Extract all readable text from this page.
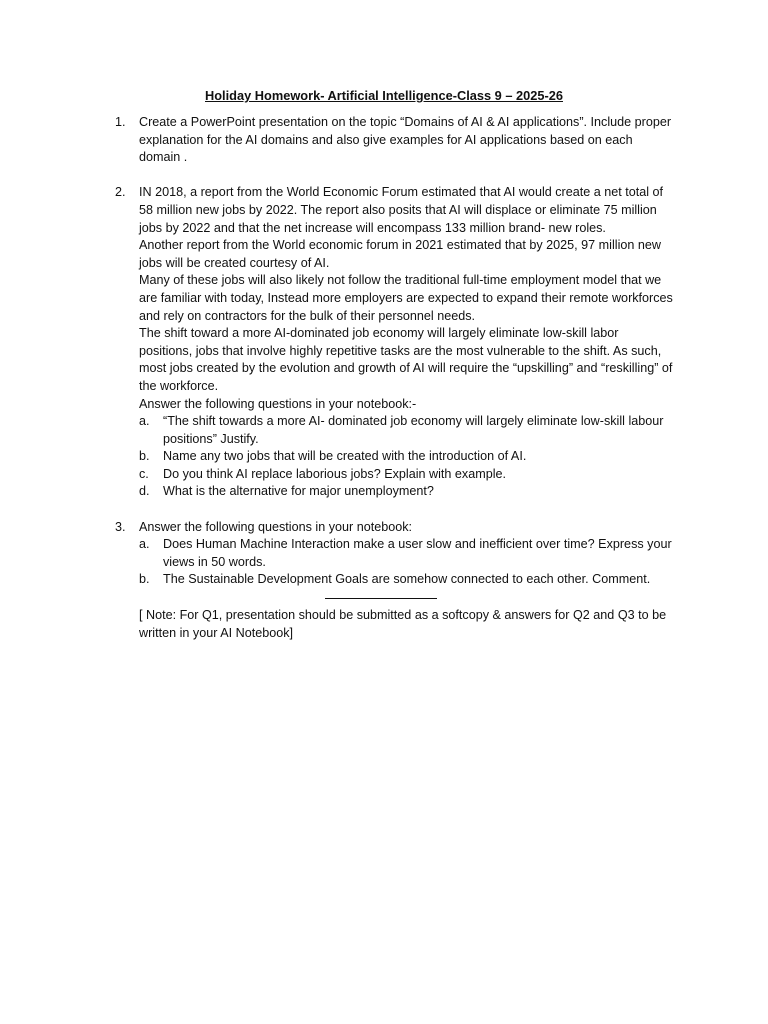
Holiday Homework- Artificial Intelligence-Class 9 – 2025-26
1.	Create a PowerPoint presentation on the topic “Domains of AI & AI applications”. Include proper explanation for the AI domains and also give examples for AI applications based on each domain .

2.	IN 2018, a report from the World Economic Forum estimated that AI would create a net total of 58 million new jobs by 2022. The report also posits that AI will displace or eliminate 75 million jobs by 2022 and that the net increase will encompass 133 million brand- new roles.

Another report from the World economic forum in 2021 estimated that by 2025, 97 million new jobs will be created courtesy of AI.

Many of these jobs will also likely not follow the traditional full-time employment model that we are familiar with today, Instead more employers are expected to expand their remote workforces and rely on contractors for the bulk of their personnel needs.

The shift toward a more AI-dominated job economy will largely eliminate low-skill labor positions, jobs that involve highly repetitive tasks are the most vulnerable to the shift. As such, most jobs created by the evolution and growth of AI will require the “upskilling” and “reskilling” of the workforce.

Answer the following questions in your notebook:-

a.	“The shift towards a more AI- dominated job economy will largely eliminate low-skill labour positions” Justify.
b.	Name any two jobs that will be created with the introduction of AI.
c.	Do you think AI replace laborious jobs? Explain with example.
d.	What is the alternative for major unemployment?
3.	Answer the following questions in your notebook:

a.	Does Human Machine Interaction make a user slow and inefficient over time? Express your views in 50 words.
b.	The Sustainable Development Goals are somehow connected to each other. Comment.

[ Note: For Q1, presentation should be submitted as a softcopy & answers for Q2 and Q3 to be written in your AI Notebook]
